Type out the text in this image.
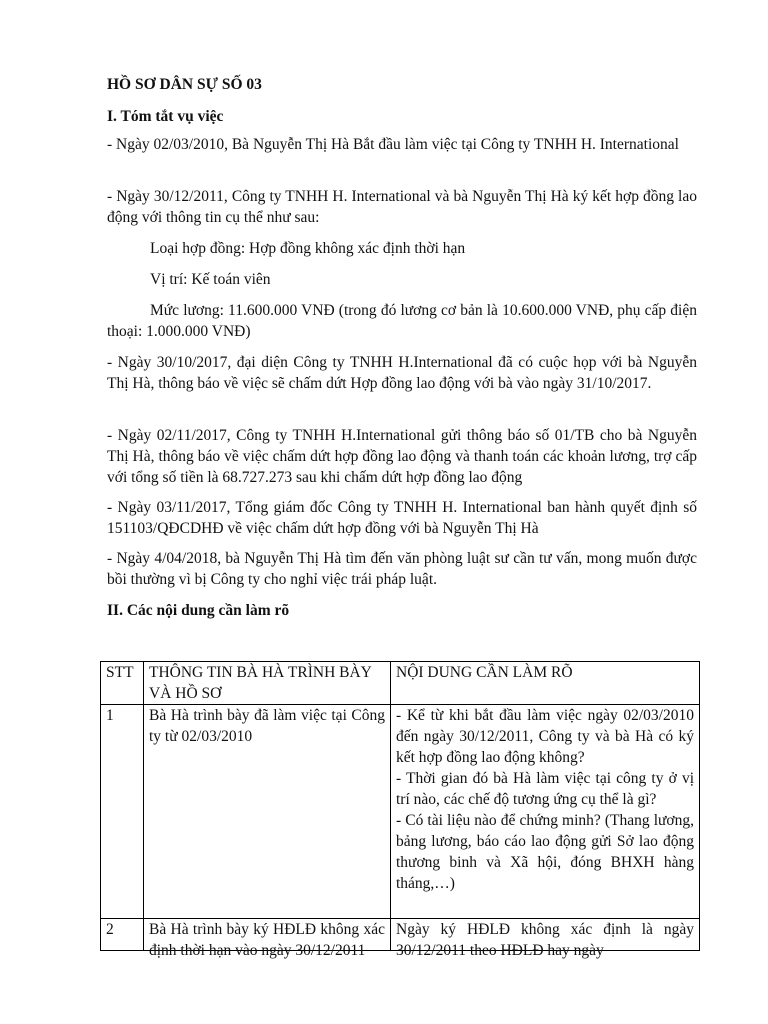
HỒ SƠ DÂN SỰ SỐ 03
I. Tóm tắt vụ việc
- Ngày 02/03/2010, Bà Nguyễn Thị Hà Bắt đầu làm việc tại Công ty TNHH H. International
- Ngày 30/12/2011, Công ty TNHH H. International và bà Nguyễn Thị Hà ký kết hợp đồng lao động với thông tin cụ thể như sau:
Loại hợp đồng: Hợp đồng không xác định thời hạn
Vị trí: Kế toán viên
Mức lương: 11.600.000 VNĐ (trong đó lương cơ bản là 10.600.000 VNĐ, phụ cấp điện thoại: 1.000.000 VNĐ)
- Ngày 30/10/2017, đại diện Công ty TNHH H.International đã có cuộc họp với bà Nguyễn Thị Hà, thông báo về việc sẽ chấm dứt Hợp đồng lao động với bà vào ngày 31/10/2017.
- Ngày 02/11/2017, Công ty TNHH H.International gửi thông báo số 01/TB cho bà Nguyễn Thị Hà, thông báo về việc chấm dứt hợp đồng lao động và thanh toán các khoản lương, trợ cấp với tổng số tiền là 68.727.273 sau khi chấm dứt hợp đồng lao động
- Ngày 03/11/2017, Tổng giám đốc Công ty TNHH H. International ban hành quyết định số 151103/QĐCDHĐ về việc chấm dứt hợp đồng với bà Nguyễn Thị Hà
- Ngày 4/04/2018, bà Nguyễn Thị Hà tìm đến văn phòng luật sư cần tư vấn, mong muốn được bồi thường vì bị Công ty cho nghỉ việc trái pháp luật.
II. Các nội dung cần làm rõ
STT	THÔNG TIN BÀ HÀ TRÌNH BÀY VÀ HỒ SƠ	NỘI DUNG CẦN LÀM RÕ
1	Bà Hà trình bày đã làm việc tại Công ty từ 02/03/2010	- Kể từ khi bắt đầu làm việc ngày 02/03/2010 đến ngày 30/12/2011, Công ty và bà Hà có ký kết hợp đồng lao động không?
- Thời gian đó bà Hà làm việc tại công ty ở vị trí nào, các chế độ tương ứng cụ thể là gì?
- Có tài liệu nào để chứng minh? (Thang lương, bảng lương, báo cáo lao động gửi Sở lao động thương binh và Xã hội, đóng BHXH hàng tháng,…)

2	Bà Hà trình bày ký HĐLĐ không xác định thời hạn vào ngày 30/12/2011	Ngày ký HĐLĐ không xác định là ngày 30/12/2011 theo HĐLĐ hay ngày
